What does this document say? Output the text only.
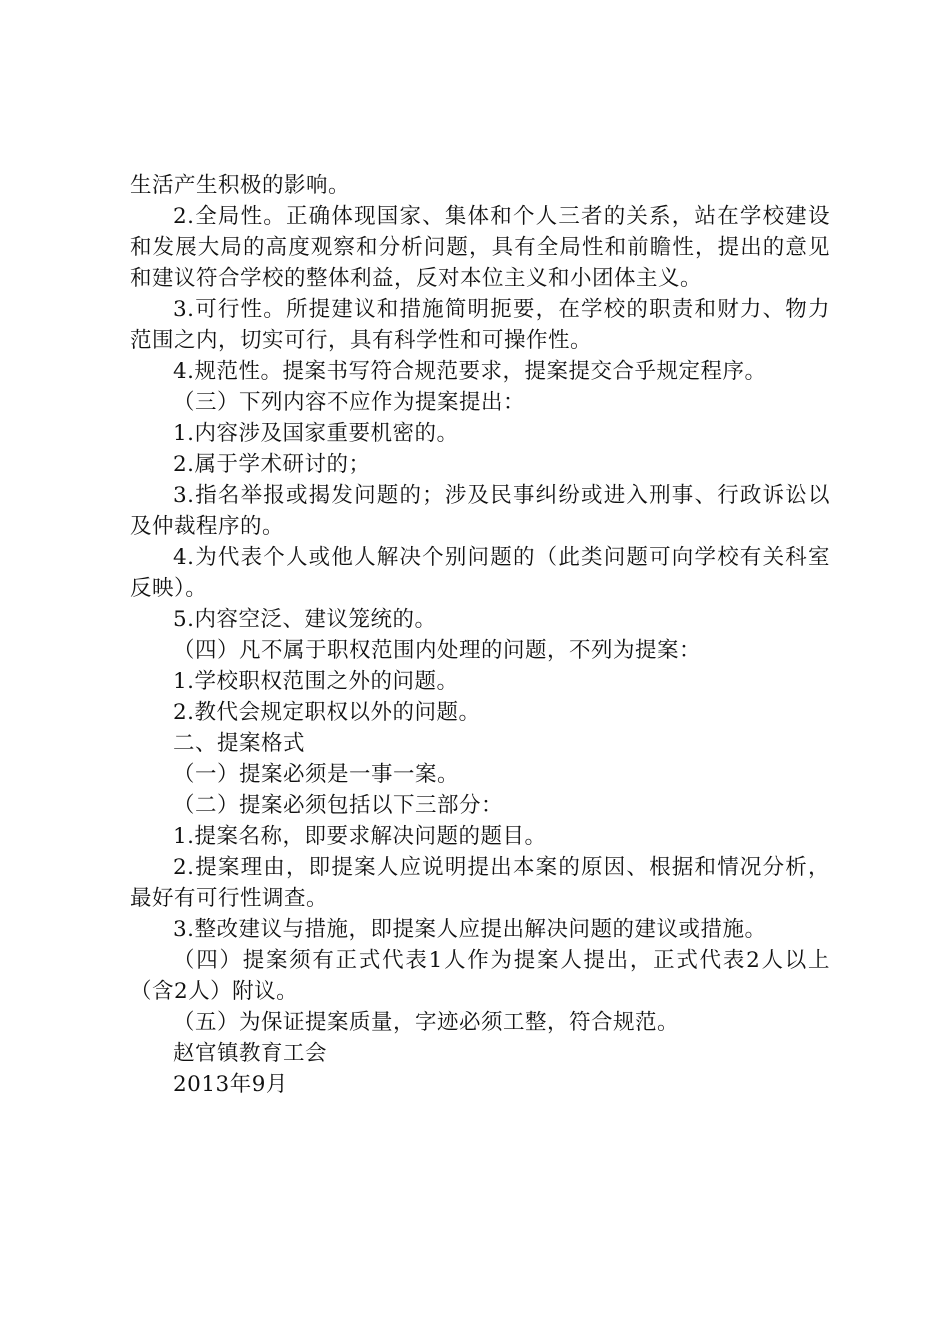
生活产生积极的影响。

2.全局性。正确体现国家、集体和个人三者的关系，站在学校建设和发展大局的高度观察和分析问题，具有全局性和前瞻性，提出的意见和建议符合学校的整体利益，反对本位主义和小团体主义。

3.可行性。所提建议和措施简明扼要，在学校的职责和财力、物力范围之内，切实可行，具有科学性和可操作性。

4.规范性。提案书写符合规范要求，提案提交合乎规定程序。

（三）下列内容不应作为提案提出：

1.内容涉及国家重要机密的。

2.属于学术研讨的；

3.指名举报或揭发问题的；涉及民事纠纷或进入刑事、行政诉讼以及仲裁程序的。

4.为代表个人或他人解决个别问题的（此类问题可向学校有关科室反映）。

5.内容空泛、建议笼统的。

（四）凡不属于职权范围内处理的问题，不列为提案：

1.学校职权范围之外的问题。

2.教代会规定职权以外的问题。

二、提案格式

（一）提案必须是一事一案。

（二）提案必须包括以下三部分：

1.提案名称，即要求解决问题的题目。

2.提案理由，即提案人应说明提出本案的原因、根据和情况分析，最好有可行性调查。

3.整改建议与措施，即提案人应提出解决问题的建议或措施。

（四）提案须有正式代表1人作为提案人提出，正式代表2人以上（含2人）附议。

（五）为保证提案质量，字迹必须工整，符合规范。

赵官镇教育工会

2013年9月
